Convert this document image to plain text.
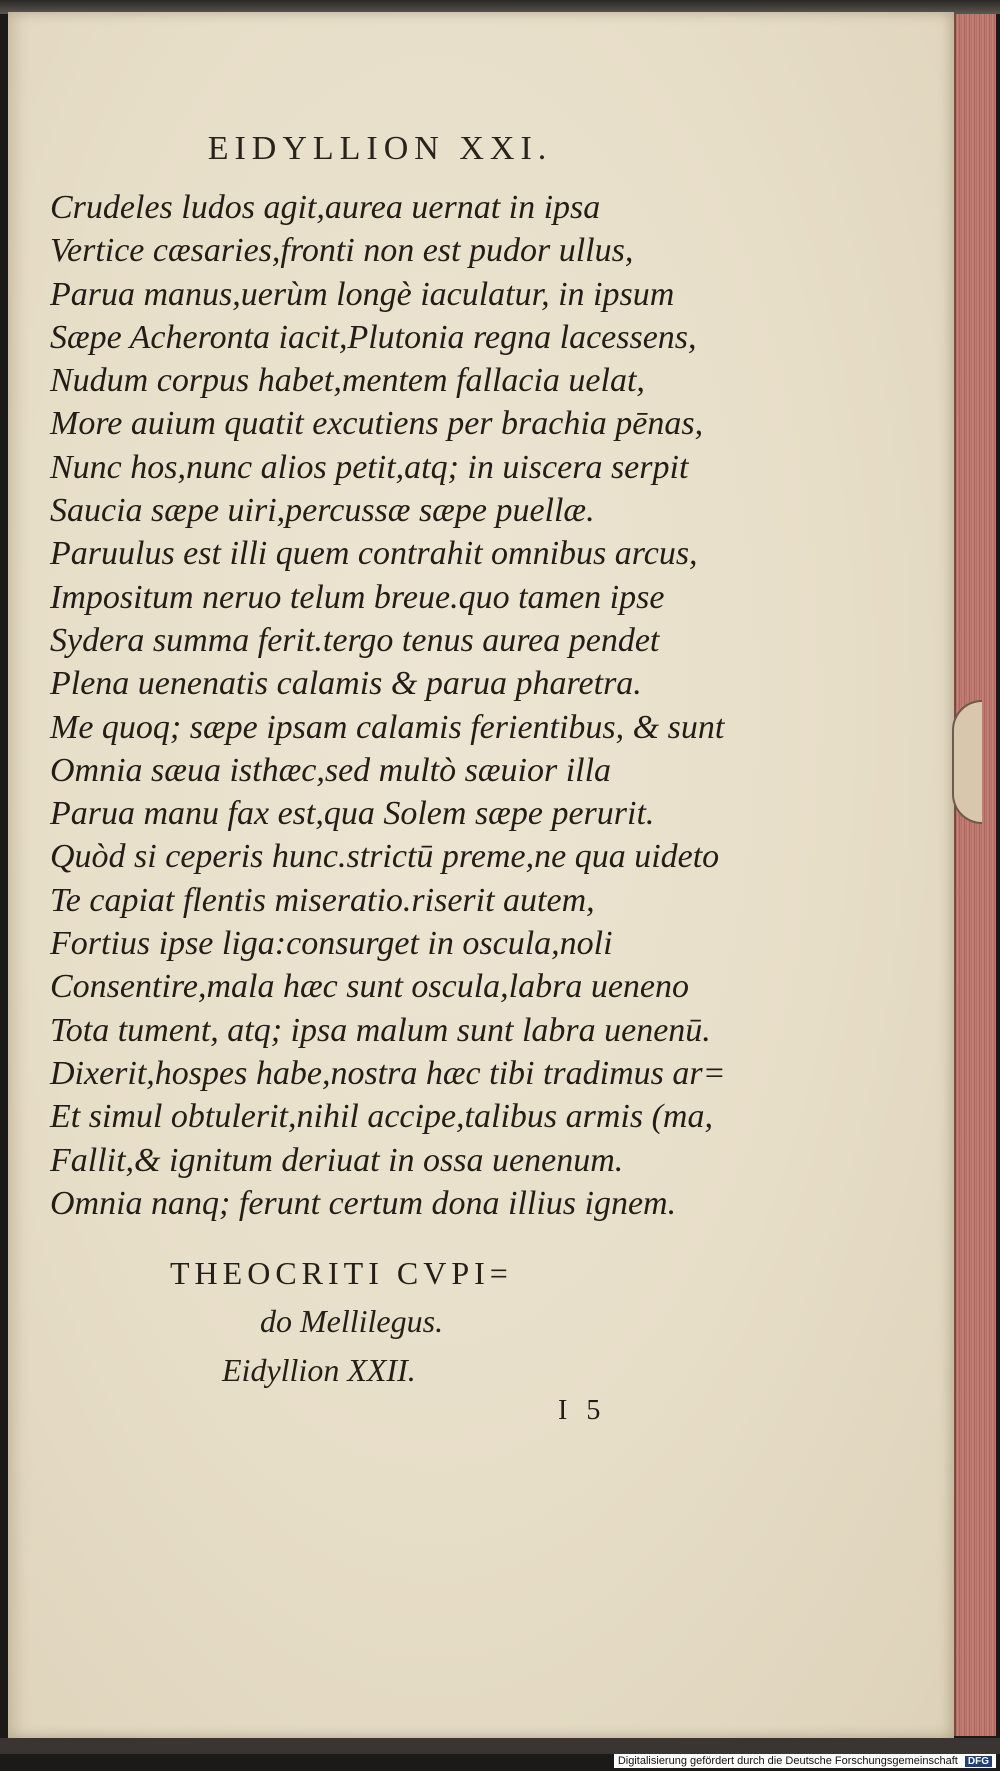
EIDYLLION XXI.
Crudeles ludos agit,aurea uernat in ipsa
Vertice cæsaries,fronti non est pudor ullus,
Parua manus,uerùm longè iaculatur, in ipsum
Sæpe Acheronta iacit,Plutonia regna lacessens,
Nudum corpus habet,mentem fallacia uelat,
More auium quatit excutiens per brachia pēnas,
Nunc hos,nunc alios petit,atq; in uiscera serpit
Saucia sæpe uiri,percussæ sæpe puellæ.
Paruulus est illi quem contrahit omnibus arcus,
Impositum neruo telum breue.quo tamen ipse
Sydera summa ferit.tergo tenus aurea pendet
Plena uenenatis calamis & parua pharetra.
Me quoq; sæpe ipsam calamis ferientibus, & sunt
Omnia sæua isthæc,sed multò sæuior illa
Parua manu fax est,qua Solem sæpe perurit.
Quòd si ceperis hunc.strictū preme,ne qua uideto
Te capiat flentis miseratio.riserit autem,
Fortius ipse liga:consurget in oscula,noli
Consentire,mala hæc sunt oscula,labra ueneno
Tota tument, atq; ipsa malum sunt labra uenenū.
Dixerit,hospes habe,nostra hæc tibi tradimus ar=
Et simul obtulerit,nihil accipe,talibus armis (ma,
Fallit,& ignitum deriuat in ossa uenenum.
Omnia nanq; ferunt certum dona illius ignem.
THEOCRITI CVPI=
do Mellilegus.
Eidyllion XXII.
I 5
Digitalisierung gefördert durch die Deutsche Forschungsgemeinschaft DFG
